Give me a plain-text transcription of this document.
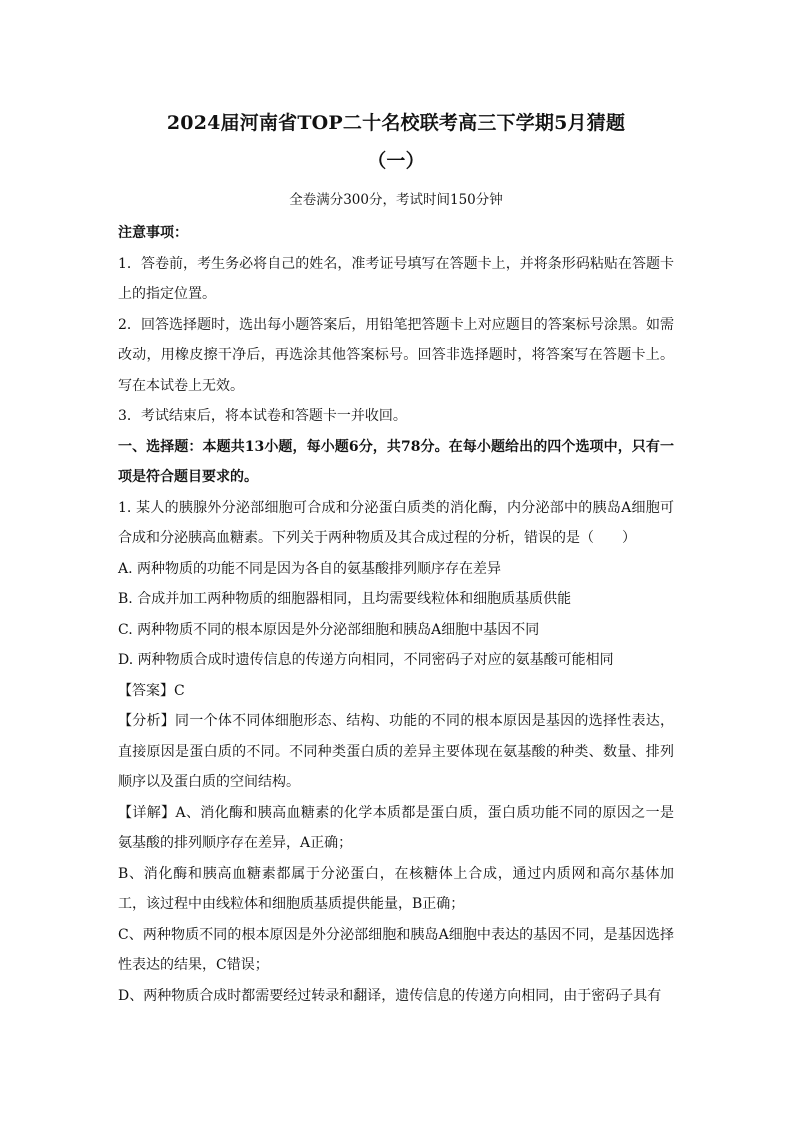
2024届河南省TOP二十名校联考高三下学期5月猜题
（一）
全卷满分300分，考试时间150分钟

注意事项：

1．答卷前，考生务必将自己的姓名，准考证号填写在答题卡上，并将条形码粘贴在答题卡上的指定位置。

2．回答选择题时，选出每小题答案后，用铅笔把答题卡上对应题目的答案标号涂黑。如需改动，用橡皮擦干净后，再选涂其他答案标号。回答非选择题时，将答案写在答题卡上。写在本试卷上无效。

3．考试结束后，将本试卷和答题卡一并收回。

一、选择题：本题共13小题，每小题6分，共78分。在每小题给出的四个选项中，只有一项是符合题目要求的。

1. 某人的胰腺外分泌部细胞可合成和分泌蛋白质类的消化酶，内分泌部中的胰岛A细胞可合成和分泌胰高血糖素。下列关于两种物质及其合成过程的分析，错误的是（　　）

A. 两种物质的功能不同是因为各自的氨基酸排列顺序存在差异

B. 合成并加工两种物质的细胞器相同，且均需要线粒体和细胞质基质供能

C. 两种物质不同的根本原因是外分泌部细胞和胰岛A细胞中基因不同

D. 两种物质合成时遗传信息的传递方向相同，不同密码子对应的氨基酸可能相同

【答案】C

【分析】同一个体不同体细胞形态、结构、功能的不同的根本原因是基因的选择性表达，直接原因是蛋白质的不同。不同种类蛋白质的差异主要体现在氨基酸的种类、数量、排列顺序以及蛋白质的空间结构。

【详解】A、消化酶和胰高血糖素的化学本质都是蛋白质，蛋白质功能不同的原因之一是氨基酸的排列顺序存在差异，A正确；

B、消化酶和胰高血糖素都属于分泌蛋白，在核糖体上合成，通过内质网和高尔基体加工，该过程中由线粒体和细胞质基质提供能量，B正确；

C、两种物质不同的根本原因是外分泌部细胞和胰岛A细胞中表达的基因不同，是基因选择性表达的结果，C错误；

D、两种物质合成时都需要经过转录和翻译，遗传信息的传递方向相同，由于密码子具有
